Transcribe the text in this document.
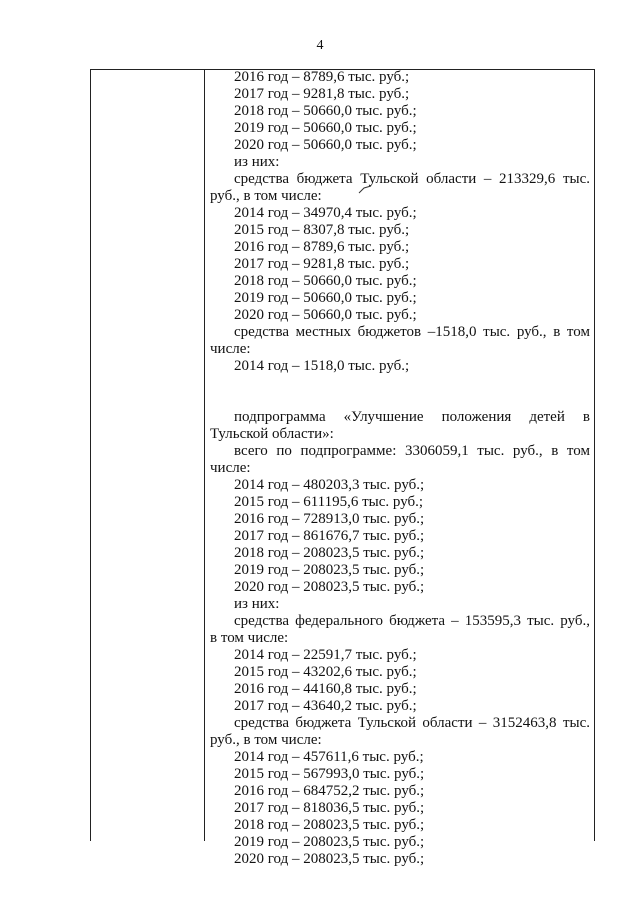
4
2016 год – 8789,6 тыс. руб.;
2017 год – 9281,8 тыс. руб.;
2018 год – 50660,0 тыс. руб.;
2019 год – 50660,0 тыс. руб.;
2020 год – 50660,0 тыс. руб.;
из них:
средства бюджета Тульской области – 213329,6 тыс.
руб., в том числе:
2014 год – 34970,4 тыс. руб.;
2015 год – 8307,8 тыс. руб.;
2016 год – 8789,6 тыс. руб.;
2017 год – 9281,8 тыс. руб.;
2018 год – 50660,0 тыс. руб.;
2019 год – 50660,0 тыс. руб.;
2020 год – 50660,0 тыс. руб.;
средства местных бюджетов –1518,0 тыс. руб., в том
числе:
2014 год – 1518,0 тыс. руб.;
подпрограмма «Улучшение положения детей в
Тульской области»:
всего по подпрограмме: 3306059,1 тыс. руб., в том
числе:
2014 год – 480203,3 тыс. руб.;
2015 год – 611195,6 тыс. руб.;
2016 год – 728913,0 тыс. руб.;
2017 год – 861676,7 тыс. руб.;
2018 год – 208023,5 тыс. руб.;
2019 год – 208023,5 тыс. руб.;
2020 год – 208023,5 тыс. руб.;
из них:
средства федерального бюджета – 153595,3 тыс. руб.,
в том числе:
2014 год – 22591,7 тыс. руб.;
2015 год – 43202,6 тыс. руб.;
2016 год – 44160,8 тыс. руб.;
2017 год – 43640,2 тыс. руб.;
средства бюджета Тульской области – 3152463,8 тыс.
руб., в том числе:
2014 год – 457611,6 тыс. руб.;
2015 год – 567993,0 тыс. руб.;
2016 год – 684752,2 тыс. руб.;
2017 год – 818036,5 тыс. руб.;
2018 год – 208023,5 тыс. руб.;
2019 год – 208023,5 тыс. руб.;
2020 год – 208023,5 тыс. руб.;
